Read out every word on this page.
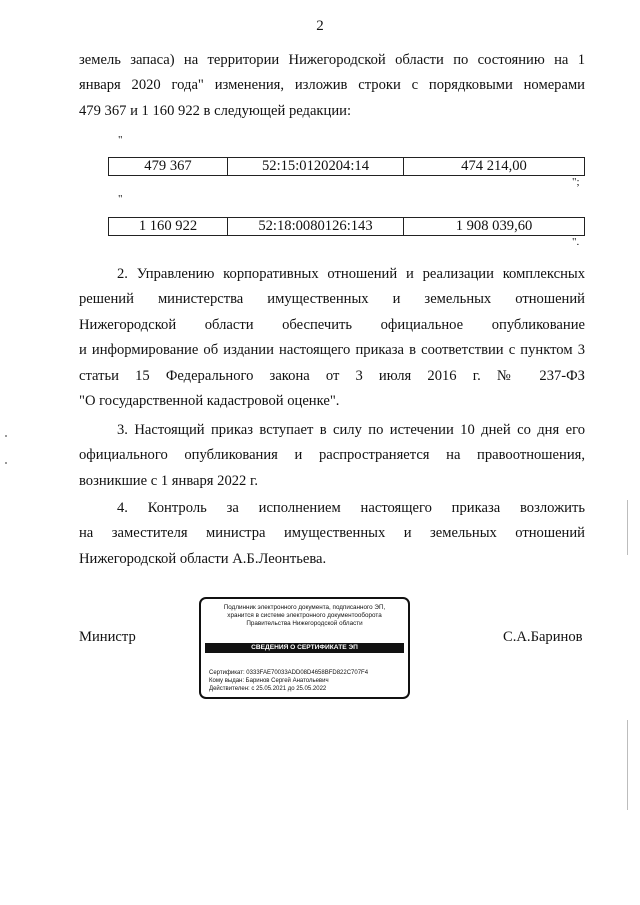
2
земель запаса) на территории Нижегородской области по состоянию на 1
января 2020 года" изменения, изложив строки с порядковыми номерами
479 367 и 1 160 922 в следующей редакции:
"
479 367	52:15:0120204:14	474 214,00
";
"
1 160 922	52:18:0080126:143	1 908 039,60
".
2. Управлению корпоративных отношений и реализации комплексных
решений министерства имущественных и земельных отношений
Нижегородской области обеспечить официальное опубликование
и информирование об издании настоящего приказа в соответствии с пунктом 3
статьи 15 Федерального закона от 3 июля 2016 г. № 237-ФЗ
"О государственной кадастровой оценке".
3. Настоящий приказ вступает в силу по истечении 10 дней со дня его
официального опубликования и распространяется на правоотношения,
возникшие с 1 января 2022 г.
4. Контроль за исполнением настоящего приказа возложить
на заместителя министра имущественных и земельных отношений
Нижегородской области А.Б.Леонтьева.
Министр
Подлинник электронного документа, подписанного ЭП,
хранится в системе электронного документооборота
Правительства Нижегородской области
СВЕДЕНИЯ О СЕРТИФИКАТЕ ЭП
Сертификат: 0333FAE70033ADD08D4658BFD822C707F4
Кому выдан: Баринов Сергей Анатольевич
Действителен: с 25.05.2021 до 25.05.2022
С.А.Баринов
